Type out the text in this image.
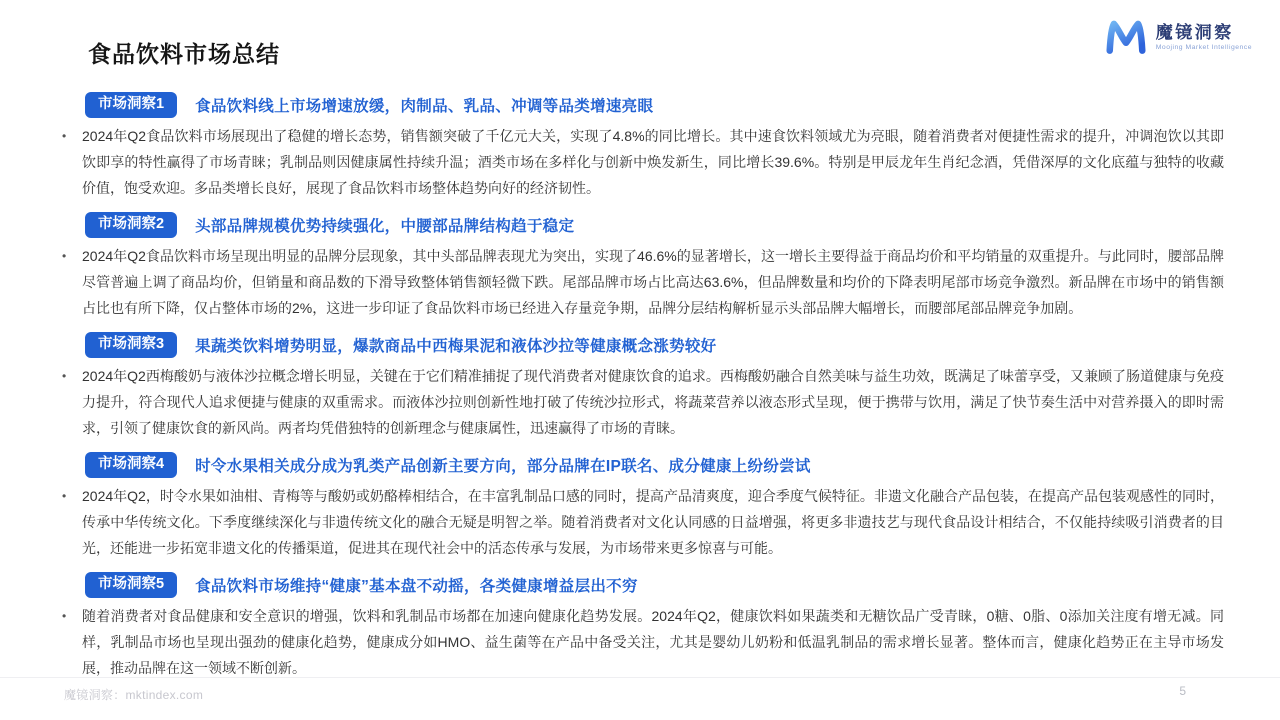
食品饮料市场总结
魔镜洞察
Moojing Market Intelligence
市场洞察1	食品饮料线上市场增速放缓，肉制品、乳品、冲调等品类增速亮眼
•	2024年Q2食品饮料市场展现出了稳健的增长态势，销售额突破了千亿元大关，实现了4.8%的同比增长。其中速食饮料领域尤为亮眼，随着消费者对便捷性需求的提升，冲调泡饮以其即饮即享的特性赢得了市场青睐；乳制品则因健康属性持续升温；酒类市场在多样化与创新中焕发新生，同比增长39.6%。特别是甲辰龙年生肖纪念酒，凭借深厚的文化底蕴与独特的收藏价值，饱受欢迎。多品类增长良好，展现了食品饮料市场整体趋势向好的经济韧性。

市场洞察2	头部品牌规模优势持续强化，中腰部品牌结构趋于稳定
•	2024年Q2食品饮料市场呈现出明显的品牌分层现象，其中头部品牌表现尤为突出，实现了46.6%的显著增长，这一增长主要得益于商品均价和平均销量的双重提升。与此同时，腰部品牌尽管普遍上调了商品均价，但销量和商品数的下滑导致整体销售额轻微下跌。尾部品牌市场占比高达63.6%，但品牌数量和均价的下降表明尾部市场竞争激烈。新品牌在市场中的销售额占比也有所下降，仅占整体市场的2%，这进一步印证了食品饮料市场已经进入存量竞争期，品牌分层结构解析显示头部品牌大幅增长，而腰部尾部品牌竞争加剧。

市场洞察3	果蔬类饮料增势明显，爆款商品中西梅果泥和液体沙拉等健康概念涨势较好
•	2024年Q2西梅酸奶与液体沙拉概念增长明显，关键在于它们精准捕捉了现代消费者对健康饮食的追求。西梅酸奶融合自然美味与益生功效，既满足了味蕾享受，又兼顾了肠道健康与免疫力提升，符合现代人追求便捷与健康的双重需求。而液体沙拉则创新性地打破了传统沙拉形式，将蔬菜营养以液态形式呈现，便于携带与饮用，满足了快节奏生活中对营养摄入的即时需求，引领了健康饮食的新风尚。两者均凭借独特的创新理念与健康属性，迅速赢得了市场的青睐。

市场洞察4	时令水果相关成分成为乳类产品创新主要方向，部分品牌在IP联名、成分健康上纷纷尝试
•	2024年Q2，时令水果如油柑、青梅等与酸奶或奶酪棒相结合，在丰富乳制品口感的同时，提高产品清爽度，迎合季度气候特征。非遗文化融合产品包装，在提高产品包装观感性的同时，传承中华传统文化。下季度继续深化与非遗传统文化的融合无疑是明智之举。随着消费者对文化认同感的日益增强，将更多非遗技艺与现代食品设计相结合，不仅能持续吸引消费者的目光，还能进一步拓宽非遗文化的传播渠道，促进其在现代社会中的活态传承与发展，为市场带来更多惊喜与可能。

市场洞察5	食品饮料市场维持“健康”基本盘不动摇，各类健康增益层出不穷
•	随着消费者对食品健康和安全意识的增强，饮料和乳制品市场都在加速向健康化趋势发展。2024年Q2，健康饮料如果蔬类和无糖饮品广受青睐，0糖、0脂、0添加关注度有增无减。同样，乳制品市场也呈现出强劲的健康化趋势，健康成分如HMO、益生菌等在产品中备受关注，尤其是婴幼儿奶粉和低温乳制品的需求增长显著。整体而言，健康化趋势正在主导市场发展，推动品牌在这一领域不断创新。

魔镜洞察：mktindex.com	5
